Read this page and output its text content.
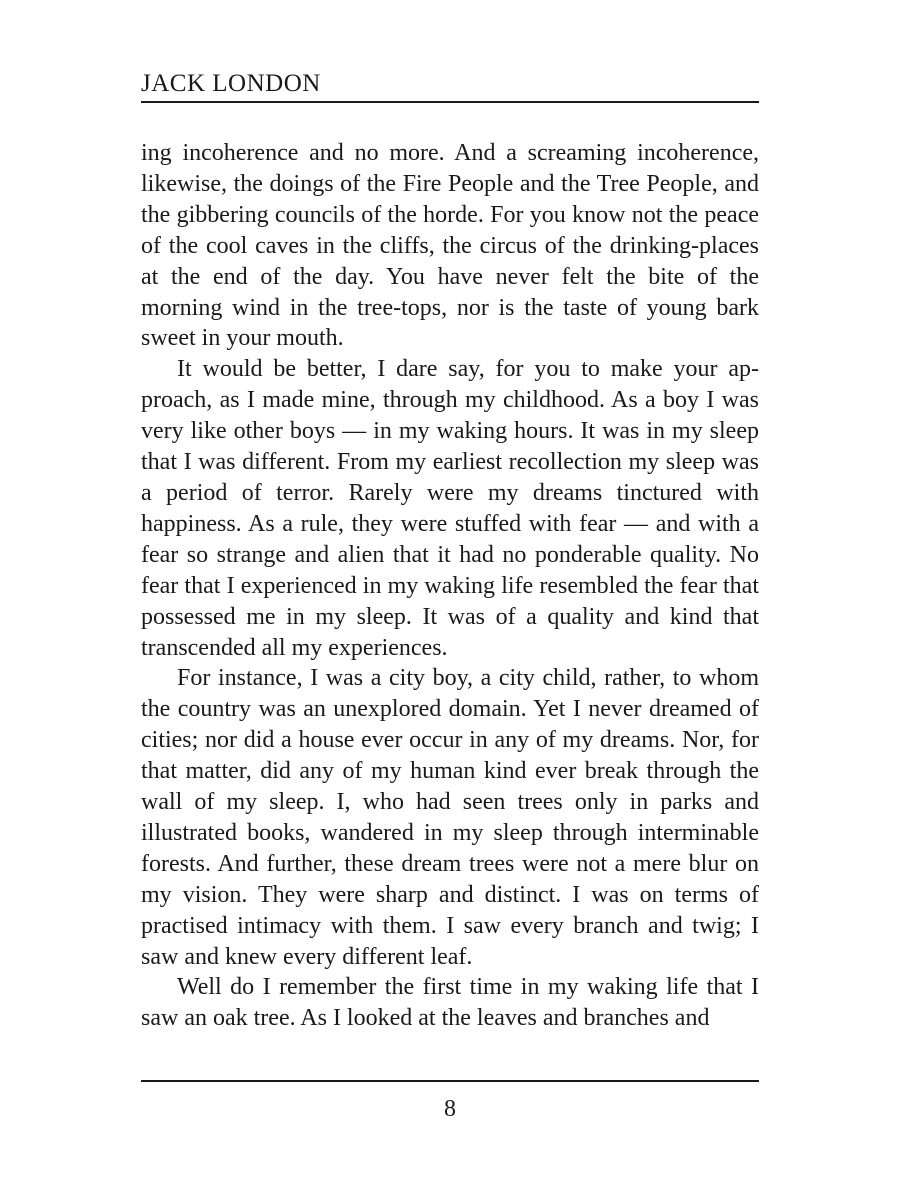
JACK LONDON

ing incoherence and no more. And a screaming incoherence, likewise, the doings of the Fire People and the Tree People, and the gibbering councils of the horde. For you know not the peace of the cool caves in the cliffs, the circus of the drinking-places at the end of the day. You have never felt the bite of the morning wind in the tree-tops, nor is the taste of young bark sweet in your mouth.

It would be better, I dare say, for you to make your approach, as I made mine, through my childhood. As a boy I was very like other boys — in my waking hours. It was in my sleep that I was different. From my earliest recollection my sleep was a period of terror. Rarely were my dreams tinctured with happiness. As a rule, they were stuffed with fear — and with a fear so strange and alien that it had no ponderable quality. No fear that I experienced in my waking life resembled the fear that possessed me in my sleep. It was of a quality and kind that transcended all my experiences.

For instance, I was a city boy, a city child, rather, to whom the country was an unexplored domain. Yet I never dreamed of cities; nor did a house ever occur in any of my dreams. Nor, for that matter, did any of my human kind ever break through the wall of my sleep. I, who had seen trees only in parks and illustrated books, wandered in my sleep through interminable forests. And further, these dream trees were not a mere blur on my vision. They were sharp and distinct. I was on terms of practised intimacy with them. I saw every branch and twig; I saw and knew every different leaf.

Well do I remember the first time in my waking life that I saw an oak tree. As I looked at the leaves and branches and

8
